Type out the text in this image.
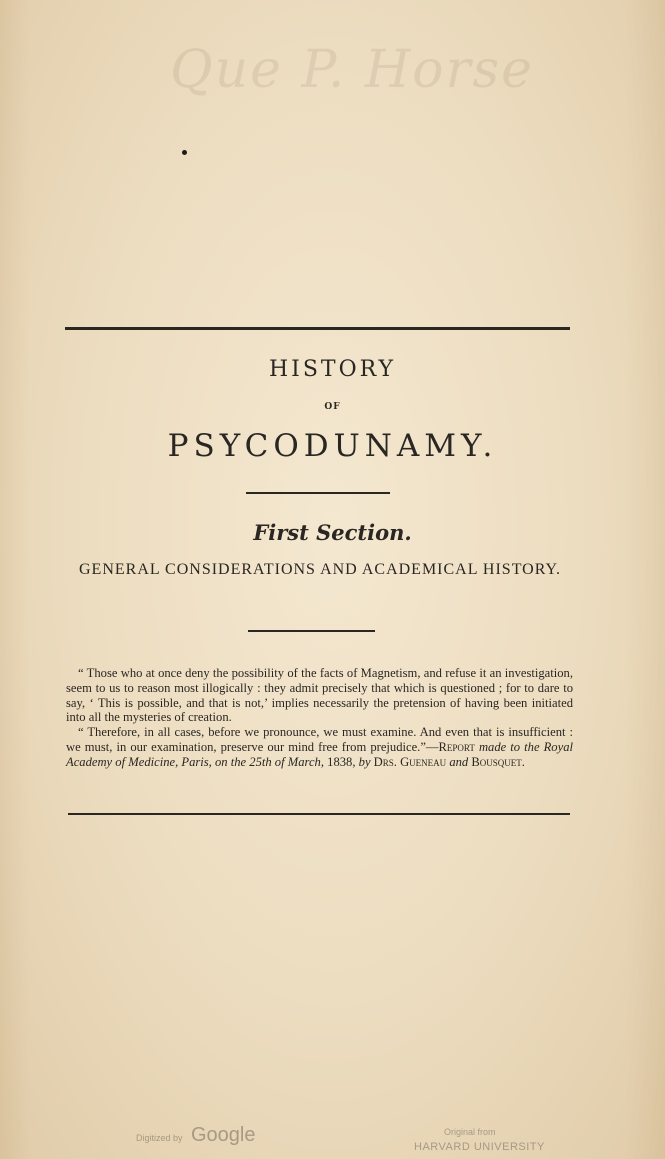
Que P. Horse

HISTORY
OF
PSYCODUNAMY.
First Section.
GENERAL CONSIDERATIONS AND ACADEMICAL HISTORY.

“ Those who at once deny the possibility of the facts of Magnetism, and refuse it an investigation, seem to us to reason most illogically : they admit precisely that which is questioned ; for to dare to say, ‘ This is possible, and that is not,’ implies necessarily the pretension of having been initiated into all the mysteries of creation.

“ Therefore, in all cases, before we pronounce, we must examine. And even that is insufficient : we must, in our examination, preserve our mind free from prejudice.”—Report made to the Royal Academy of Medicine, Paris, on the 25th of March, 1838, by Drs. Gueneau and Bousquet.

Digitized by Google	Original from
HARVARD UNIVERSITY
